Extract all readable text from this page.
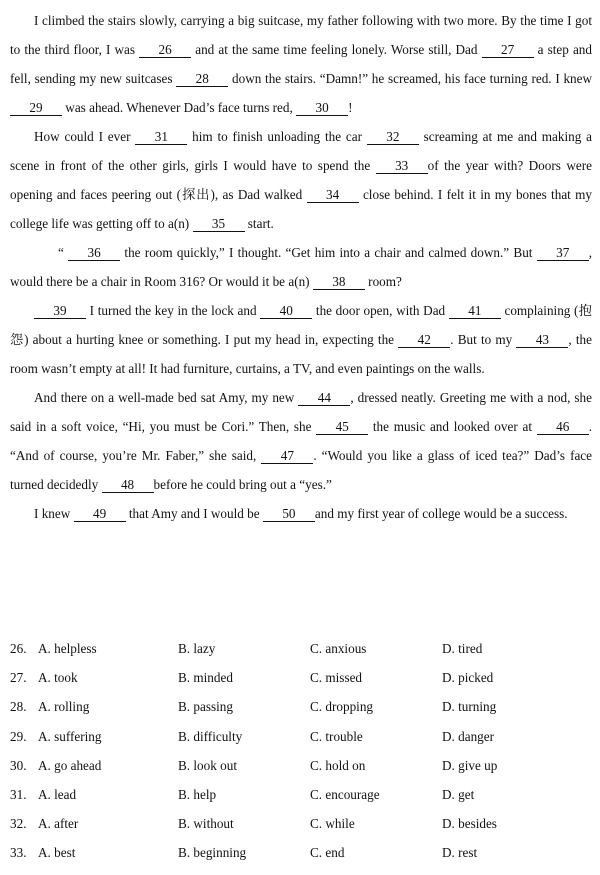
I climbed the stairs slowly, carrying a big suitcase, my father following with two more. By the time I got to the third floor, I was 26 and at the same time feeling lonely. Worse still, Dad 27 a step and fell, sending my new suitcases 28 down the stairs. “Damn!” he screamed, his face turning red. I knew 29 was ahead. Whenever Dad’s face turns red, 30 !

How could I ever 31 him to finish unloading the car 32 screaming at me and making a scene in front of the other girls, girls I would have to spend the 33 of the year with? Doors were opening and faces peering out (探出), as Dad walked 34 close behind. I felt it in my bones that my college life was getting off to a(n) 35 start.

“ 36 the room quickly,” I thought. “Get him into a chair and calmed down.” But 37 , would there be a chair in Room 316? Or would it be a(n) 38 room?

39 I turned the key in the lock and 40 the door open, with Dad 41 complaining (抱怨) about a hurting knee or something. I put my head in, expecting the 42 . But to my 43 , the room wasn’t empty at all! It had furniture, curtains, a TV, and even paintings on the walls.

And there on a well-made bed sat Amy, my new 44 , dressed neatly. Greeting me with a nod, she said in a soft voice, “Hi, you must be Cori.” Then, she 45 the music and looked over at 46 . “And of course, you’re Mr. Faber,” she said, 47 . “Would you like a glass of iced tea?” Dad’s face turned decidedly 48 before he could bring out a “yes.”

I knew 49 that Amy and I would be 50 and my first year of college would be a success.

26. A. helpless	B. lazy	C. anxious	D. tired
27. A. took	B. minded	C. missed	D. picked
28. A. rolling	B. passing	C. dropping	D. turning
29. A. suffering	B. difficulty	C. trouble	D. danger
30. A. go ahead	B. look out	C. hold on	D. give up
31. A. lead	B. help	C. encourage	D. get
32. A. after	B. without	C. while	D. besides
33. A. best	B. beginning	C. end	D. rest
